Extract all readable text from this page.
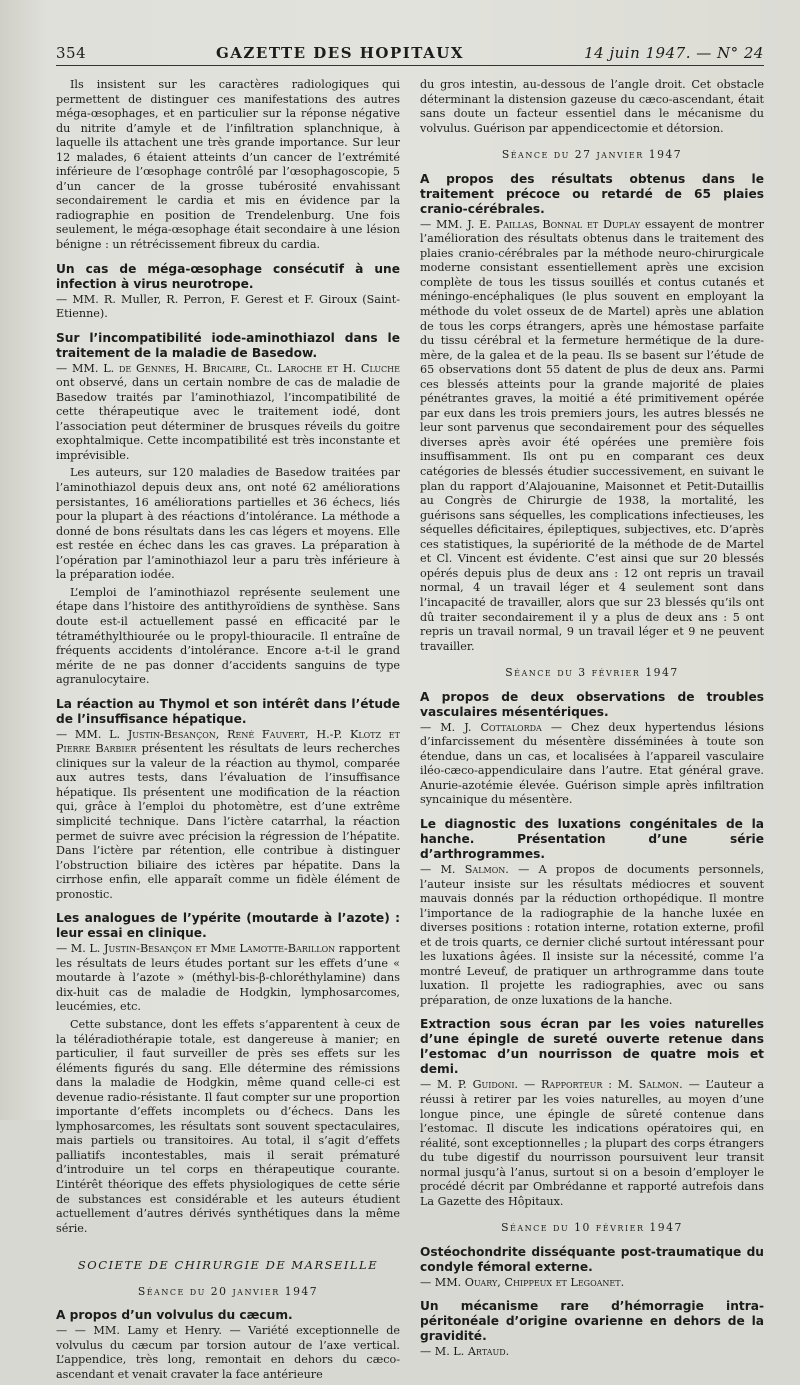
354	GAZETTE DES HOPITAUX	14 juin 1947. — N° 24

Ils insistent sur les caractères radiologiques qui permettent de distinguer ces manifestations des autres méga-œsophages, et en particulier sur la réponse négative du nitrite d’amyle et de l’infiltration splanchnique, à laquelle ils attachent une très grande importance. Sur leur 12 malades, 6 étaient atteints d’un cancer de l’extrémité inférieure de l’œsophage contrôlé par l’œsophagoscopie, 5 d’un cancer de la grosse tubérosité envahissant secondairement le cardia et mis en évidence par la radiographie en position de Trendelenburg. Une fois seulement, le méga-œsophage était secondaire à une lésion bénigne : un rétrécissement fibreux du cardia.

Un cas de méga-œsophage consécutif à une infection à virus neurotrope.

— MM. R. Muller, R. Perron, F. Gerest et F. Giroux (Saint-Etienne).

Sur l’incompatibilité iode-aminothiazol dans le traitement de la maladie de Basedow.

— MM. L. de Gennes, H. Bricaire, Cl. Laroche et H. Cluche ont observé, dans un certain nombre de cas de maladie de Basedow traités par l’aminothiazol, l’incompatibilité de cette thérapeutique avec le traitement iodé, dont l’association peut déterminer de brusques réveils du goitre exophtalmique. Cette incompatibilité est très inconstante et imprévisible.

Les auteurs, sur 120 maladies de Basedow traitées par l’aminothiazol depuis deux ans, ont noté 62 améliorations persistantes, 16 améliorations partielles et 36 échecs, liés pour la plupart à des réactions d’intolérance. La méthode a donné de bons résultats dans les cas légers et moyens. Elle est restée en échec dans les cas graves. La préparation à l’opération par l’aminothiazol leur a paru très inférieure à la préparation iodée.

L’emploi de l’aminothiazol représente seulement une étape dans l’histoire des antithyroïdiens de synthèse. Sans doute est-il actuellement passé en efficacité par le tétraméthylthiourée ou le propyl-thiouracile. Il entraîne de fréquents accidents d’intolérance. Encore a-t-il le grand mérite de ne pas donner d’accidents sanguins de type agranulocytaire.

La réaction au Thymol et son intérêt dans l’étude de l’insuffisance hépatique.

— MM. L. Justin-Besançon, René Fauvert, H.-P. Klotz et Pierre Barbier présentent les résultats de leurs recherches cliniques sur la valeur de la réaction au thymol, comparée aux autres tests, dans l’évaluation de l’insuffisance hépatique. Ils présentent une modification de la réaction qui, grâce à l’emploi du photomètre, est d’une extrême simplicité technique. Dans l’ictère catarrhal, la réaction permet de suivre avec précision la régression de l’hépatite. Dans l’ictère par rétention, elle contribue à distinguer l’obstruction biliaire des ictères par hépatite. Dans la cirrhose enfin, elle apparaît comme un fidèle élément de pronostic.

Les analogues de l’ypérite (moutarde à l’azote) : leur essai en clinique.

— M. L. Justin-Besançon et Mme Lamotte-Barillon rapportent les résultats de leurs études portant sur les effets d’une « moutarde à l’azote » (méthyl-bis-β-chloréthylamine) dans dix-huit cas de maladie de Hodgkin, lymphosarcomes, leucémies, etc.

Cette substance, dont les effets s’apparentent à ceux de la téléradiothérapie totale, est dangereuse à manier; en particulier, il faut surveiller de près ses effets sur les éléments figurés du sang. Elle détermine des rémissions dans la maladie de Hodgkin, même quand celle-ci est devenue radio-résistante. Il faut compter sur une proportion importante d’effets incomplets ou d’échecs. Dans les lymphosarcomes, les résultats sont souvent spectaculaires, mais partiels ou transitoires. Au total, il s’agit d’effets palliatifs incontestables, mais il serait prématuré d’introduire un tel corps en thérapeutique courante. L’intérêt théorique des effets physiologiques de cette série de substances est considérable et les auteurs étudient actuellement d’autres dérivés synthétiques dans la même série.

SOCIETE DE CHIRURGIE DE MARSEILLE
Séance du 20 janvier 1947
A propos d’un volvulus du cæcum.

— — MM. Lamy et Henry. — Variété exceptionnelle de volvulus du cæcum par torsion autour de l’axe vertical. L’appendice, très long, remontait en dehors du cæco-ascendant et venait cravater la face antérieure

du gros intestin, au-dessous de l’angle droit. Cet obstacle déterminant la distension gazeuse du cæco-ascendant, était sans doute un facteur essentiel dans le mécanisme du volvulus. Guérison par appendicectomie et détorsion.

Séance du 27 janvier 1947
A propos des résultats obtenus dans le traitement précoce ou retardé de 65 plaies cranio-cérébrales.

— MM. J. E. Paillas, Bonnal et Duplay essayent de montrer l’amélioration des résultats obtenus dans le traitement des plaies cranio-cérébrales par la méthode neuro-chirurgicale moderne consistant essentiellement après une excision complète de tous les tissus souillés et contus cutanés et méningo-encéphaliques (le plus souvent en employant la méthode du volet osseux de de Martel) après une ablation de tous les corps étrangers, après une hémostase parfaite du tissu cérébral et la fermeture hermétique de la dure-mère, de la galea et de la peau. Ils se basent sur l’étude de 65 observations dont 55 datent de plus de deux ans. Parmi ces blessés atteints pour la grande majorité de plaies pénétrantes graves, la moitié a été primitivement opérée par eux dans les trois premiers jours, les autres blessés ne leur sont parvenus que secondairement pour des séquelles diverses après avoir été opérées une première fois insuffisamment. Ils ont pu en comparant ces deux catégories de blessés étudier successivement, en suivant le plan du rapport d’Alajouanine, Maisonnet et Petit-Dutaillis au Congrès de Chirurgie de 1938, la mortalité, les guérisons sans séquelles, les complications infectieuses, les séquelles déficitaires, épileptiques, subjectives, etc. D’après ces statistiques, la supériorité de la méthode de de Martel et Cl. Vincent est évidente. C’est ainsi que sur 20 blessés opérés depuis plus de deux ans : 12 ont repris un travail normal, 4 un travail léger et 4 seulement sont dans l’incapacité de travailler, alors que sur 23 blessés qu’ils ont dû traiter secondairement il y a plus de deux ans : 5 ont repris un travail normal, 9 un travail léger et 9 ne peuvent travailler.

Séance du 3 février 1947
A propos de deux observations de troubles vasculaires mésentériques.

— M. J. Cottalorda — Chez deux hypertendus lésions d’infarcissement du mésentère disséminées à toute son étendue, dans un cas, et localisées à l’appareil vasculaire iléo-cæco-appendiculaire dans l’autre. Etat général grave. Anurie-azotémie élevée. Guérison simple après infiltration syncainique du mésentère.

Le diagnostic des luxations congénitales de la hanche. Présentation d’une série d’arthrogrammes.

— M. Salmon. — A propos de documents personnels, l’auteur insiste sur les résultats médiocres et souvent mauvais donnés par la réduction orthopédique. Il montre l’importance de la radiographie de la hanche luxée en diverses positions : rotation interne, rotation externe, profil et de trois quarts, ce dernier cliché surtout intéressant pour les luxations âgées. Il insiste sur la nécessité, comme l’a montré Leveuf, de pratiquer un arthrogramme dans toute luxation. Il projette les radiographies, avec ou sans préparation, de onze luxations de la hanche.

Extraction sous écran par les voies naturelles d’une épingle de sureté ouverte retenue dans l’estomac d’un nourrisson de quatre mois et demi.

— M. P. Guidoni. — Rapporteur : M. Salmon. — L’auteur a réussi à retirer par les voies naturelles, au moyen d’une longue pince, une épingle de sûreté contenue dans l’estomac. Il discute les indications opératoires qui, en réalité, sont exceptionnelles ; la plupart des corps étrangers du tube digestif du nourrisson poursuivent leur transit normal jusqu’à l’anus, surtout si on a besoin d’employer le procédé décrit par Ombrédanne et rapporté autrefois dans La Gazette des Hôpitaux.

Séance du 10 février 1947
Ostéochondrite disséquante post-traumatique du condyle fémoral externe.

— MM. Ouary, Chippeux et Legoanet.

Un mécanisme rare d’hémorragie intra-péritonéale d’origine ovarienne en dehors de la gravidité.

— M. L. Artaud.
